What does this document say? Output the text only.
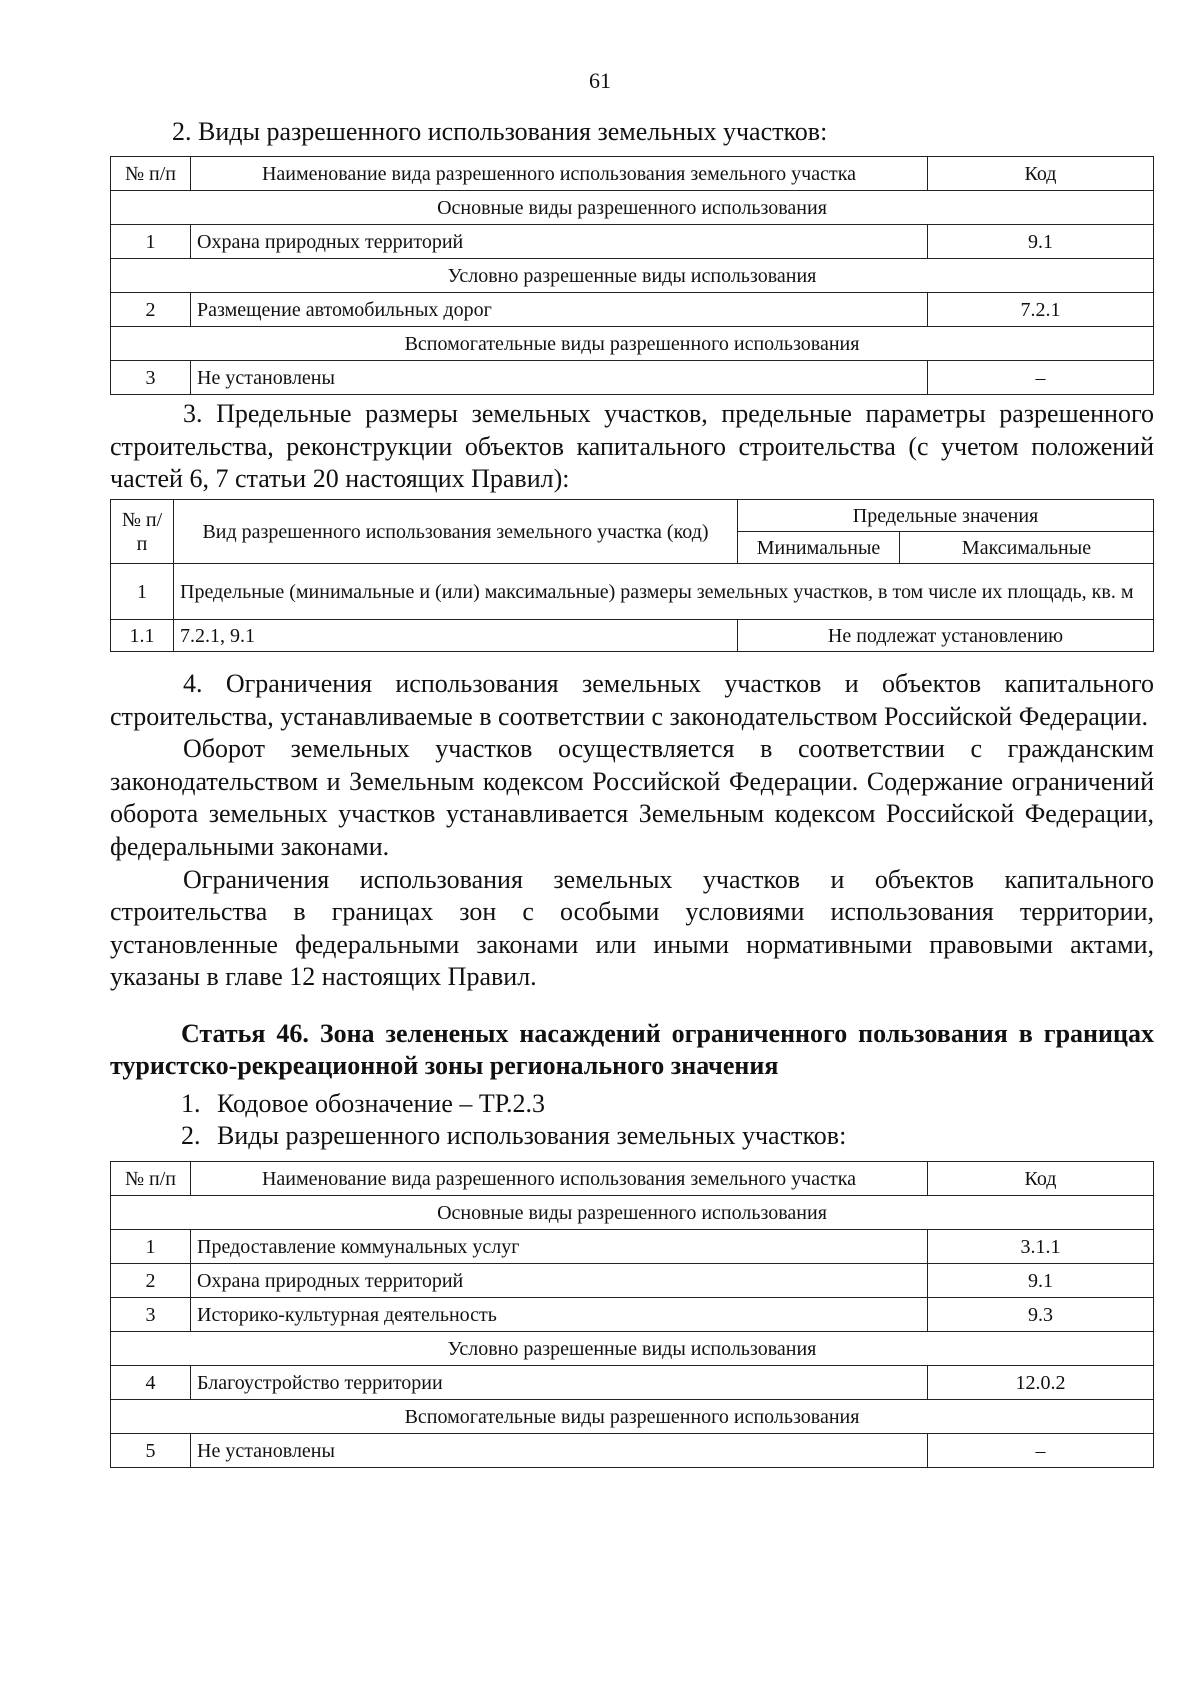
61

2. Виды разрешенного использования земельных участков:

№ п/п	Наименование вида разрешенного использования земельного участка	Код
Основные виды разрешенного использования		
1	Охрана природных территорий	9.1
Условно разрешенные виды использования		
2	Размещение автомобильных дорог	7.2.1
Вспомогательные виды разрешенного использования		
3	Не установлены	–

3. Предельные размеры земельных участков, предельные параметры разрешенного строительства, реконструкции объектов капитального строительства (с учетом положений частей 6, 7 статьи 20 настоящих Правил):

№ п/п	Вид разрешенного использования земельного участка (код)	Предельные значения	
		Минимальные	Максимальные
1	Предельные (минимальные и (или) максимальные) размеры земельных участков, в том числе их площадь, кв. м		
1.1	7.2.1, 9.1	Не подлежат установлению	

4. Ограничения использования земельных участков и объектов капитального строительства, устанавливаемые в соответствии с законодательством Российской Федерации.

Оборот земельных участков осуществляется в соответствии с гражданским законодательством и Земельным кодексом Российской Федерации. Содержание ограничений оборота земельных участков устанавливается Земельным кодексом Российской Федерации, федеральными законами.

Ограничения использования земельных участков и объектов капитального строительства в границах зон с особыми условиями использования территории, установленные федеральными законами или иными нормативными правовыми актами, указаны в главе 12 настоящих Правил.

Статья 46. Зона зелененых насаждений ограниченного пользования в границах туристско-рекреационной зоны регионального значения

1. Кодовое обозначение – ТР.2.3

2. Виды разрешенного использования земельных участков:

№ п/п	Наименование вида разрешенного использования земельного участка	Код
Основные виды разрешенного использования		
1	Предоставление коммунальных услуг	3.1.1
2	Охрана природных территорий	9.1
3	Историко-культурная деятельность	9.3
Условно разрешенные виды использования		
4	Благоустройство территории	12.0.2
Вспомогательные виды разрешенного использования		
5	Не установлены	–
